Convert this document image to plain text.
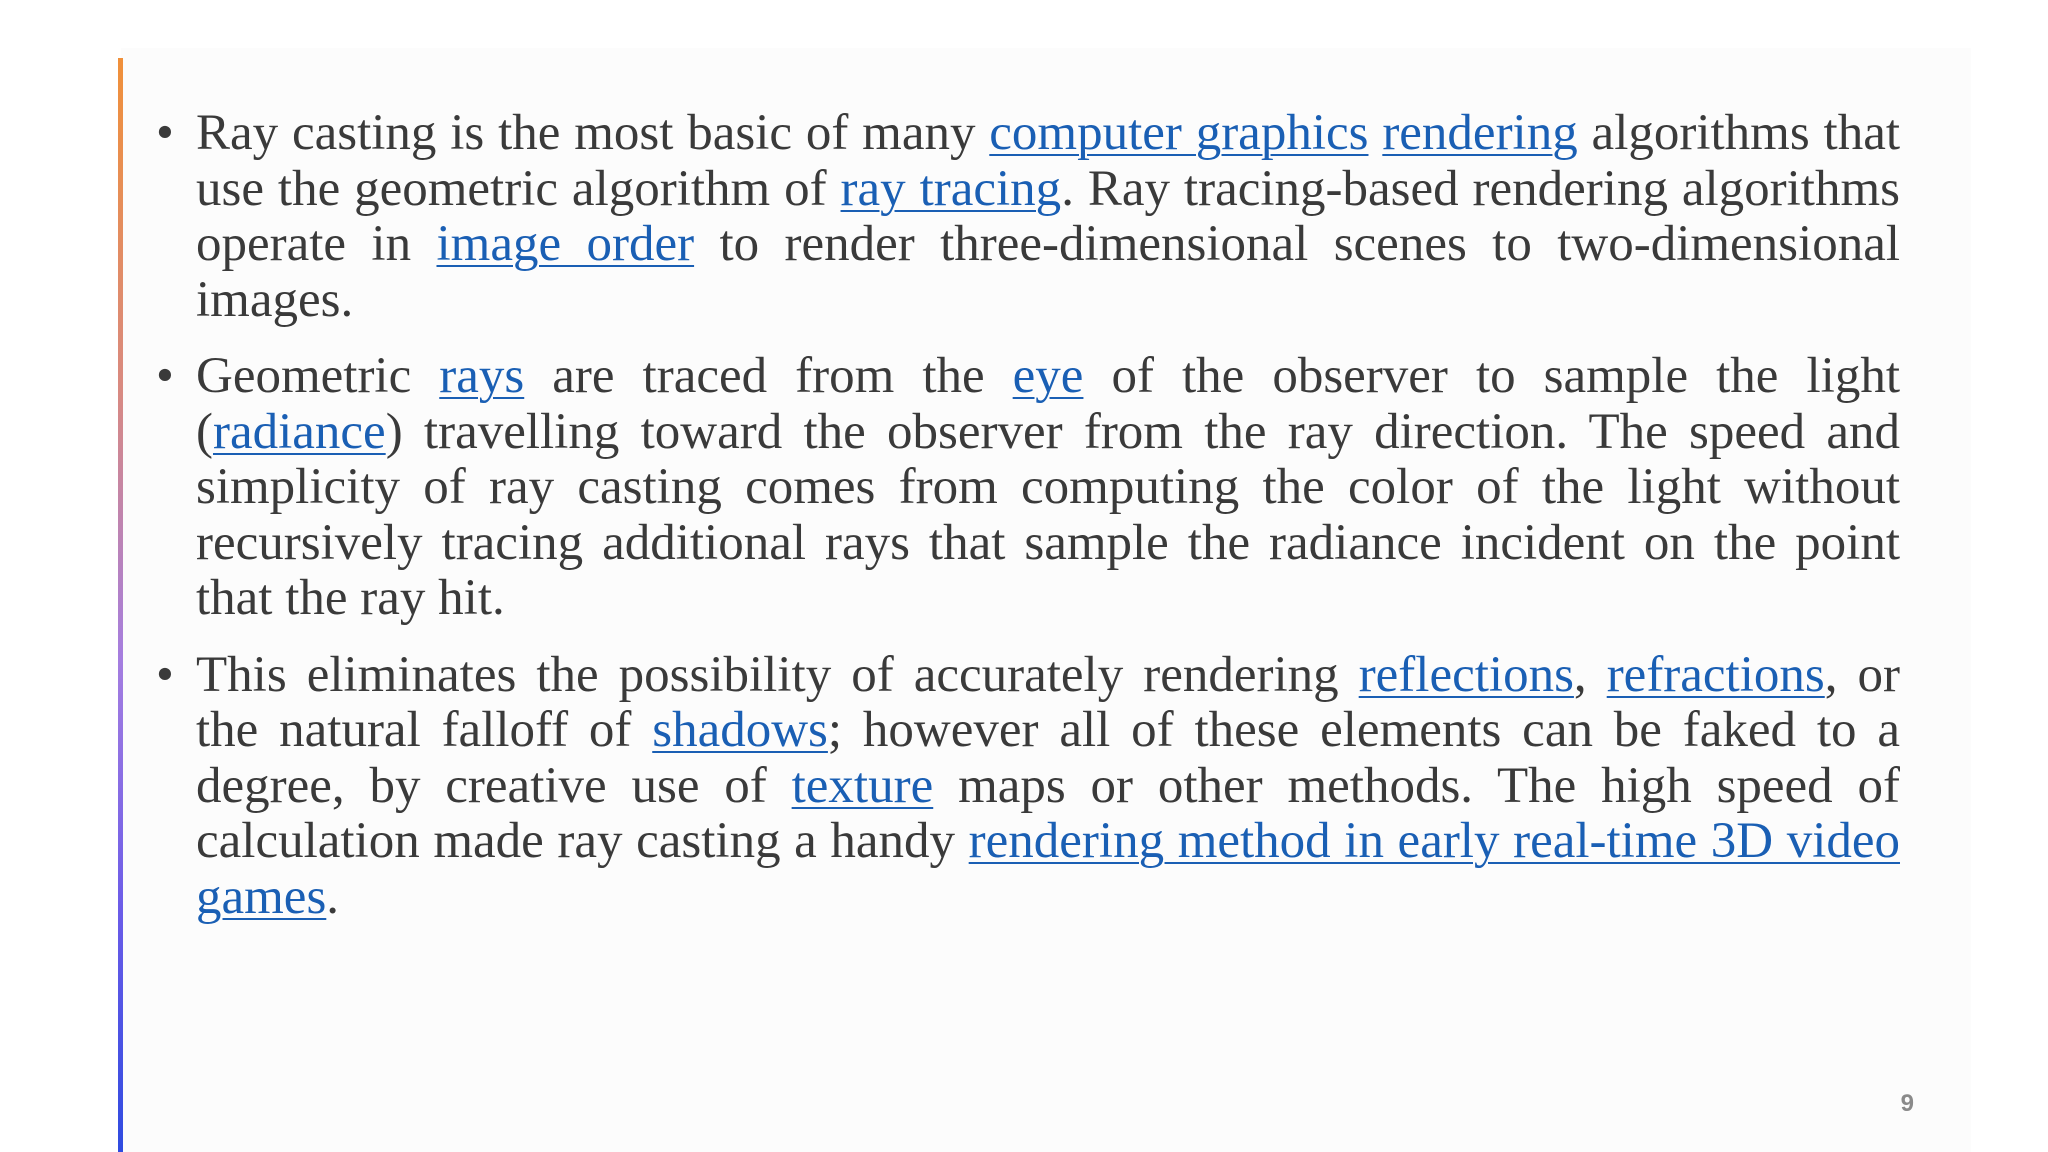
• Ray casting is the most basic of many computer graphics rendering algorithms that use the geometric algorithm of ray tracing. Ray tracing-based rendering algorithms operate in image order to render three-dimensional scenes to two-dimensional images.
• Geometric rays are traced from the eye of the observer to sample the light (radiance) travelling toward the observer from the ray direction. The speed and simplicity of ray casting comes from computing the color of the light without recursively tracing additional rays that sample the radiance incident on the point that the ray hit.
• This eliminates the possibility of accurately rendering reflections, refractions, or the natural falloff of shadows; however all of these elements can be faked to a degree, by creative use of texture maps or other methods. The high speed of calculation made ray casting a handy rendering method in early real-time 3D video games.
9
